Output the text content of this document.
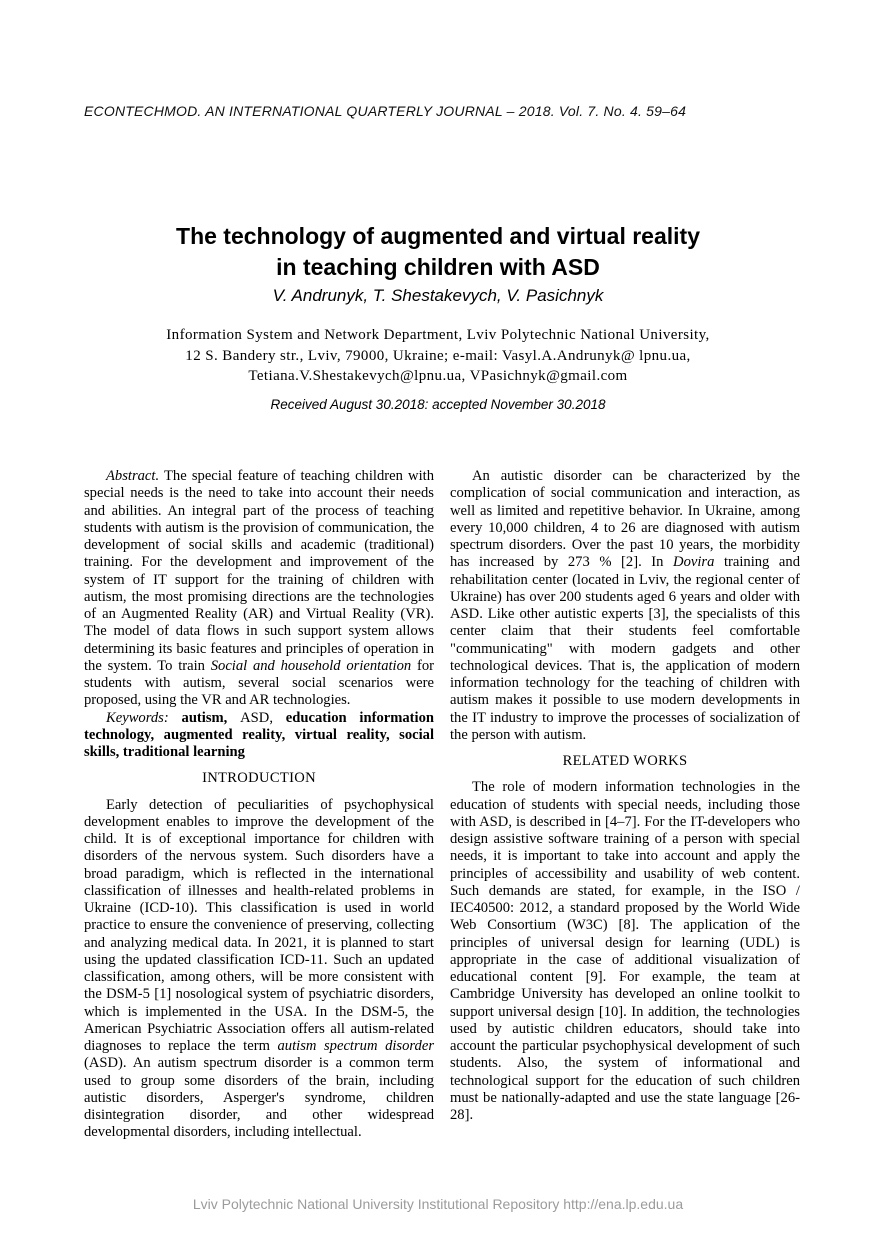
ECONTECHMOD. AN INTERNATIONAL QUARTERLY JOURNAL – 2018. Vol. 7. No. 4. 59–64
The technology of augmented and virtual reality
in teaching children with ASD
V. Andrunyk, T. Shestakevych, V. Pasichnyk
Information System and Network Department, Lviv Polytechnic National University,
12 S. Bandery str., Lviv, 79000, Ukraine; e-mail: Vasyl.A.Andrunyk@ lpnu.ua,
Tetiana.V.Shestakevych@lpnu.ua, VPasichnyk@gmail.com
Received August 30.2018: accepted November 30.2018

Abstract. The special feature of teaching children with special needs is the need to take into account their needs and abilities. An integral part of the process of teaching students with autism is the provision of communication, the development of social skills and academic (traditional) training. For the development and improvement of the system of IT support for the training of children with autism, the most promising directions are the technologies of an Augmented Reality (AR) and Virtual Reality (VR). The model of data flows in such support system allows determining its basic features and principles of operation in the system. To train Social and household orientation for students with autism, several social scenarios were proposed, using the VR and AR technologies.

Keywords: autism, ASD, education information technology, augmented reality, virtual reality, social skills, traditional learning

INTRODUCTION

Early detection of peculiarities of psychophysical development enables to improve the development of the child. It is of exceptional importance for children with disorders of the nervous system. Such disorders have a broad paradigm, which is reflected in the international classification of illnesses and health-related problems in Ukraine (ICD-10). This classification is used in world practice to ensure the convenience of preserving, collecting and analyzing medical data. In 2021, it is planned to start using the updated classification ICD-11. Such an updated classification, among others, will be more consistent with the DSM-5 [1] nosological system of psychiatric disorders, which is implemented in the USA. In the DSM-5, the American Psychiatric Association offers all autism-related diagnoses to replace the term autism spectrum disorder (ASD). An autism spectrum disorder is a common term used to group some disorders of the brain, including autistic disorders, Asperger's syndrome, children disintegration disorder, and other widespread developmental disorders, including intellectual.

An autistic disorder can be characterized by the complication of social communication and interaction, as well as limited and repetitive behavior. In Ukraine, among every 10,000 children, 4 to 26 are diagnosed with autism spectrum disorders. Over the past 10 years, the morbidity has increased by 273 % [2]. In Dovira training and rehabilitation center (located in Lviv, the regional center of Ukraine) has over 200 students aged 6 years and older with ASD. Like other autistic experts [3], the specialists of this center claim that their students feel comfortable "communicating" with modern gadgets and other technological devices. That is, the application of modern information technology for the teaching of children with autism makes it possible to use modern developments in the IT industry to improve the processes of socialization of the person with autism.

RELATED WORKS

The role of modern information technologies in the education of students with special needs, including those with ASD, is described in [4–7]. For the IT-developers who design assistive software training of a person with special needs, it is important to take into account and apply the principles of accessibility and usability of web content. Such demands are stated, for example, in the ISO / IEC40500: 2012, a standard proposed by the World Wide Web Consortium (W3C) [8]. The application of the principles of universal design for learning (UDL) is appropriate in the case of additional visualization of educational content [9]. For example, the team at Cambridge University has developed an online toolkit to support universal design [10]. In addition, the technologies used by autistic children educators, should take into account the particular psychophysical development of such students. Also, the system of informational and technological support for the education of such children must be nationally-adapted and use the state language [26-28].

Lviv Polytechnic National University Institutional Repository http://ena.lp.edu.ua
